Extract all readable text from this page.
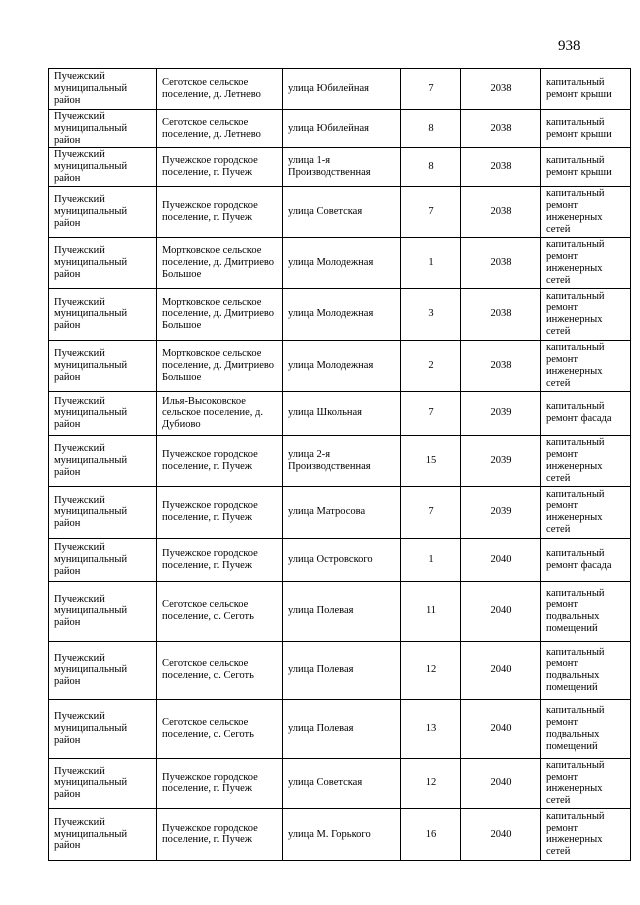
938
Пучежский муниципальный район	Сеготское сельское поселение, д. Летнево	улица Юбилейная	7	2038	капитальный ремонт крыши
Пучежский муниципальный район	Сеготское сельское поселение, д. Летнево	улица Юбилейная	8	2038	капитальный ремонт крыши
Пучежский муниципальный район	Пучежское городское поселение, г. Пучеж	улица 1-я Производственная	8	2038	капитальный ремонт крыши
Пучежский муниципальный район	Пучежское городское поселение, г. Пучеж	улица Советская	7	2038	капитальный ремонт инженерных сетей
Пучежский муниципальный район	Мортковское сельское поселение, д. Дмитриево Большое	улица Молодежная	1	2038	капитальный ремонт инженерных сетей
Пучежский муниципальный район	Мортковское сельское поселение, д. Дмитриево Большое	улица Молодежная	3	2038	капитальный ремонт инженерных сетей
Пучежский муниципальный район	Мортковское сельское поселение, д. Дмитриево Большое	улица Молодежная	2	2038	капитальный ремонт инженерных сетей
Пучежский муниципальный район	Илья-Высоковское сельское поселение, д. Дубиово	улица Школьная	7	2039	капитальный ремонт фасада
Пучежский муниципальный район	Пучежское городское поселение, г. Пучеж	улица 2-я Производственная	15	2039	капитальный ремонт инженерных сетей
Пучежский муниципальный район	Пучежское городское поселение, г. Пучеж	улица Матросова	7	2039	капитальный ремонт инженерных сетей
Пучежский муниципальный район	Пучежское городское поселение, г. Пучеж	улица Островского	1	2040	капитальный ремонт фасада
Пучежский муниципальный район	Сеготское сельское поселение, с. Сеготь	улица Полевая	11	2040	капитальный ремонт подвальных помещений
Пучежский муниципальный район	Сеготское сельское поселение, с. Сеготь	улица Полевая	12	2040	капитальный ремонт подвальных помещений
Пучежский муниципальный район	Сеготское сельское поселение, с. Сеготь	улица Полевая	13	2040	капитальный ремонт подвальных помещений
Пучежский муниципальный район	Пучежское городское поселение, г. Пучеж	улица Советская	12	2040	капитальный ремонт инженерных сетей
Пучежский муниципальный район	Пучежское городское поселение, г. Пучеж	улица М. Горького	16	2040	капитальный ремонт инженерных сетей
